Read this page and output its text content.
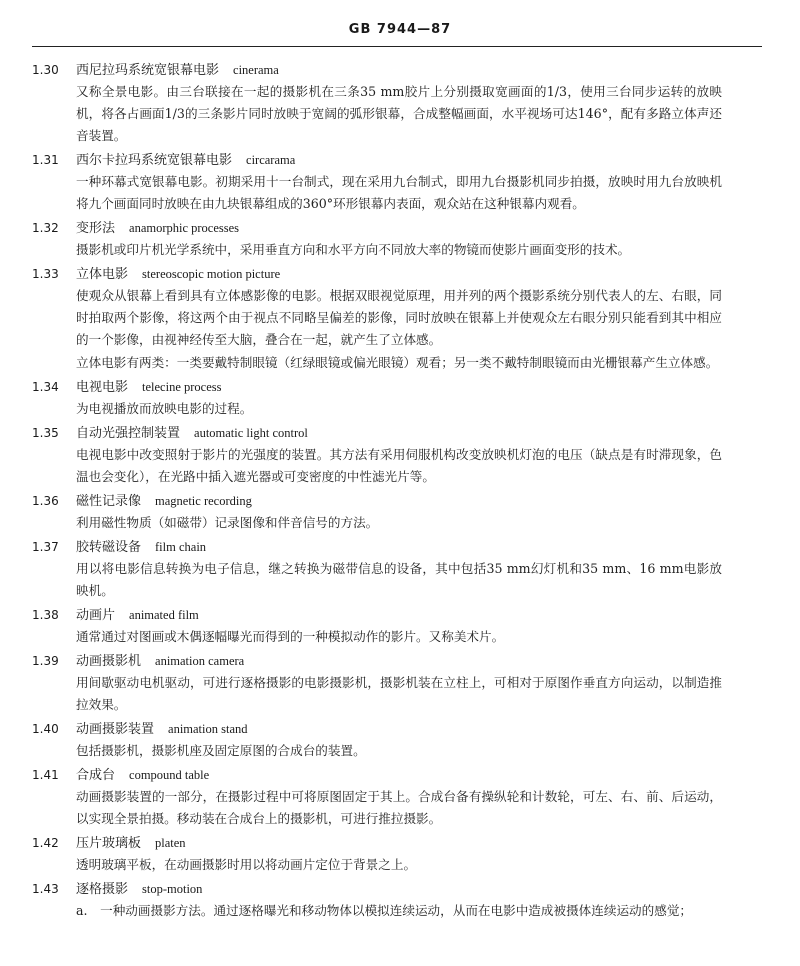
GB 7944—87
1.30	西尼拉玛系统宽银幕电影 cinerama

又称全景电影。由三台联接在一起的摄影机在三条35 mm胶片上分别摄取宽画面的1/3，使用三台同步运转的放映机，将各占画面1/3的三条影片同时放映于宽阔的弧形银幕，合成整幅画面，水平视场可达146°，配有多路立体声还音装置。

1.31	西尔卡拉玛系统宽银幕电影 circarama

一种环幕式宽银幕电影。初期采用十一台制式，现在采用九台制式，即用九台摄影机同步拍摄，放映时用九台放映机将九个画面同时放映在由九块银幕组成的360°环形银幕内表面，观众站在这种银幕内观看。

1.32	变形法 anamorphic processes

摄影机或印片机光学系统中，采用垂直方向和水平方向不同放大率的物镜而使影片画面变形的技术。

1.33	立体电影 stereoscopic motion picture

使观众从银幕上看到具有立体感影像的电影。根据双眼视觉原理，用并列的两个摄影系统分别代表人的左、右眼，同时拍取两个影像，将这两个由于视点不同略呈偏差的影像，同时放映在银幕上并使观众左右眼分别只能看到其中相应的一个影像，由视神经传至大脑，叠合在一起，就产生了立体感。

立体电影有两类：一类要戴特制眼镜（红绿眼镜或偏光眼镜）观看；另一类不戴特制眼镜而由光栅银幕产生立体感。

1.34	电视电影 telecine process

为电视播放而放映电影的过程。

1.35	自动光强控制装置 automatic light control

电视电影中改变照射于影片的光强度的装置。其方法有采用伺服机构改变放映机灯泡的电压（缺点是有时滞现象，色温也会变化），在光路中插入遮光器或可变密度的中性滤光片等。

1.36	磁性记录像 magnetic recording

利用磁性物质（如磁带）记录图像和伴音信号的方法。

1.37	胶转磁设备 film chain

用以将电影信息转换为电子信息，继之转换为磁带信息的设备，其中包括35 mm幻灯机和35 mm、16 mm电影放映机。

1.38	动画片 animated film

通常通过对图画或木偶逐幅曝光而得到的一种模拟动作的影片。又称美术片。

1.39	动画摄影机 animation camera

用间歇驱动电机驱动，可进行逐格摄影的电影摄影机，摄影机装在立柱上，可相对于原图作垂直方向运动，以制造推拉效果。

1.40	动画摄影装置 animation stand

包括摄影机，摄影机座及固定原图的合成台的装置。

1.41	合成台 compound table

动画摄影装置的一部分，在摄影过程中可将原图固定于其上。合成台备有操纵轮和计数轮，可左、右、前、后运动，以实现全景拍摄。移动装在合成台上的摄影机，可进行推拉摄影。

1.42	压片玻璃板 platen

透明玻璃平板，在动画摄影时用以将动画片定位于背景之上。

1.43	逐格摄影 stop-motion

a.　一种动画摄影方法。通过逐格曝光和移动物体以模拟连续运动，从而在电影中造成被摄体连续运动的感觉；
